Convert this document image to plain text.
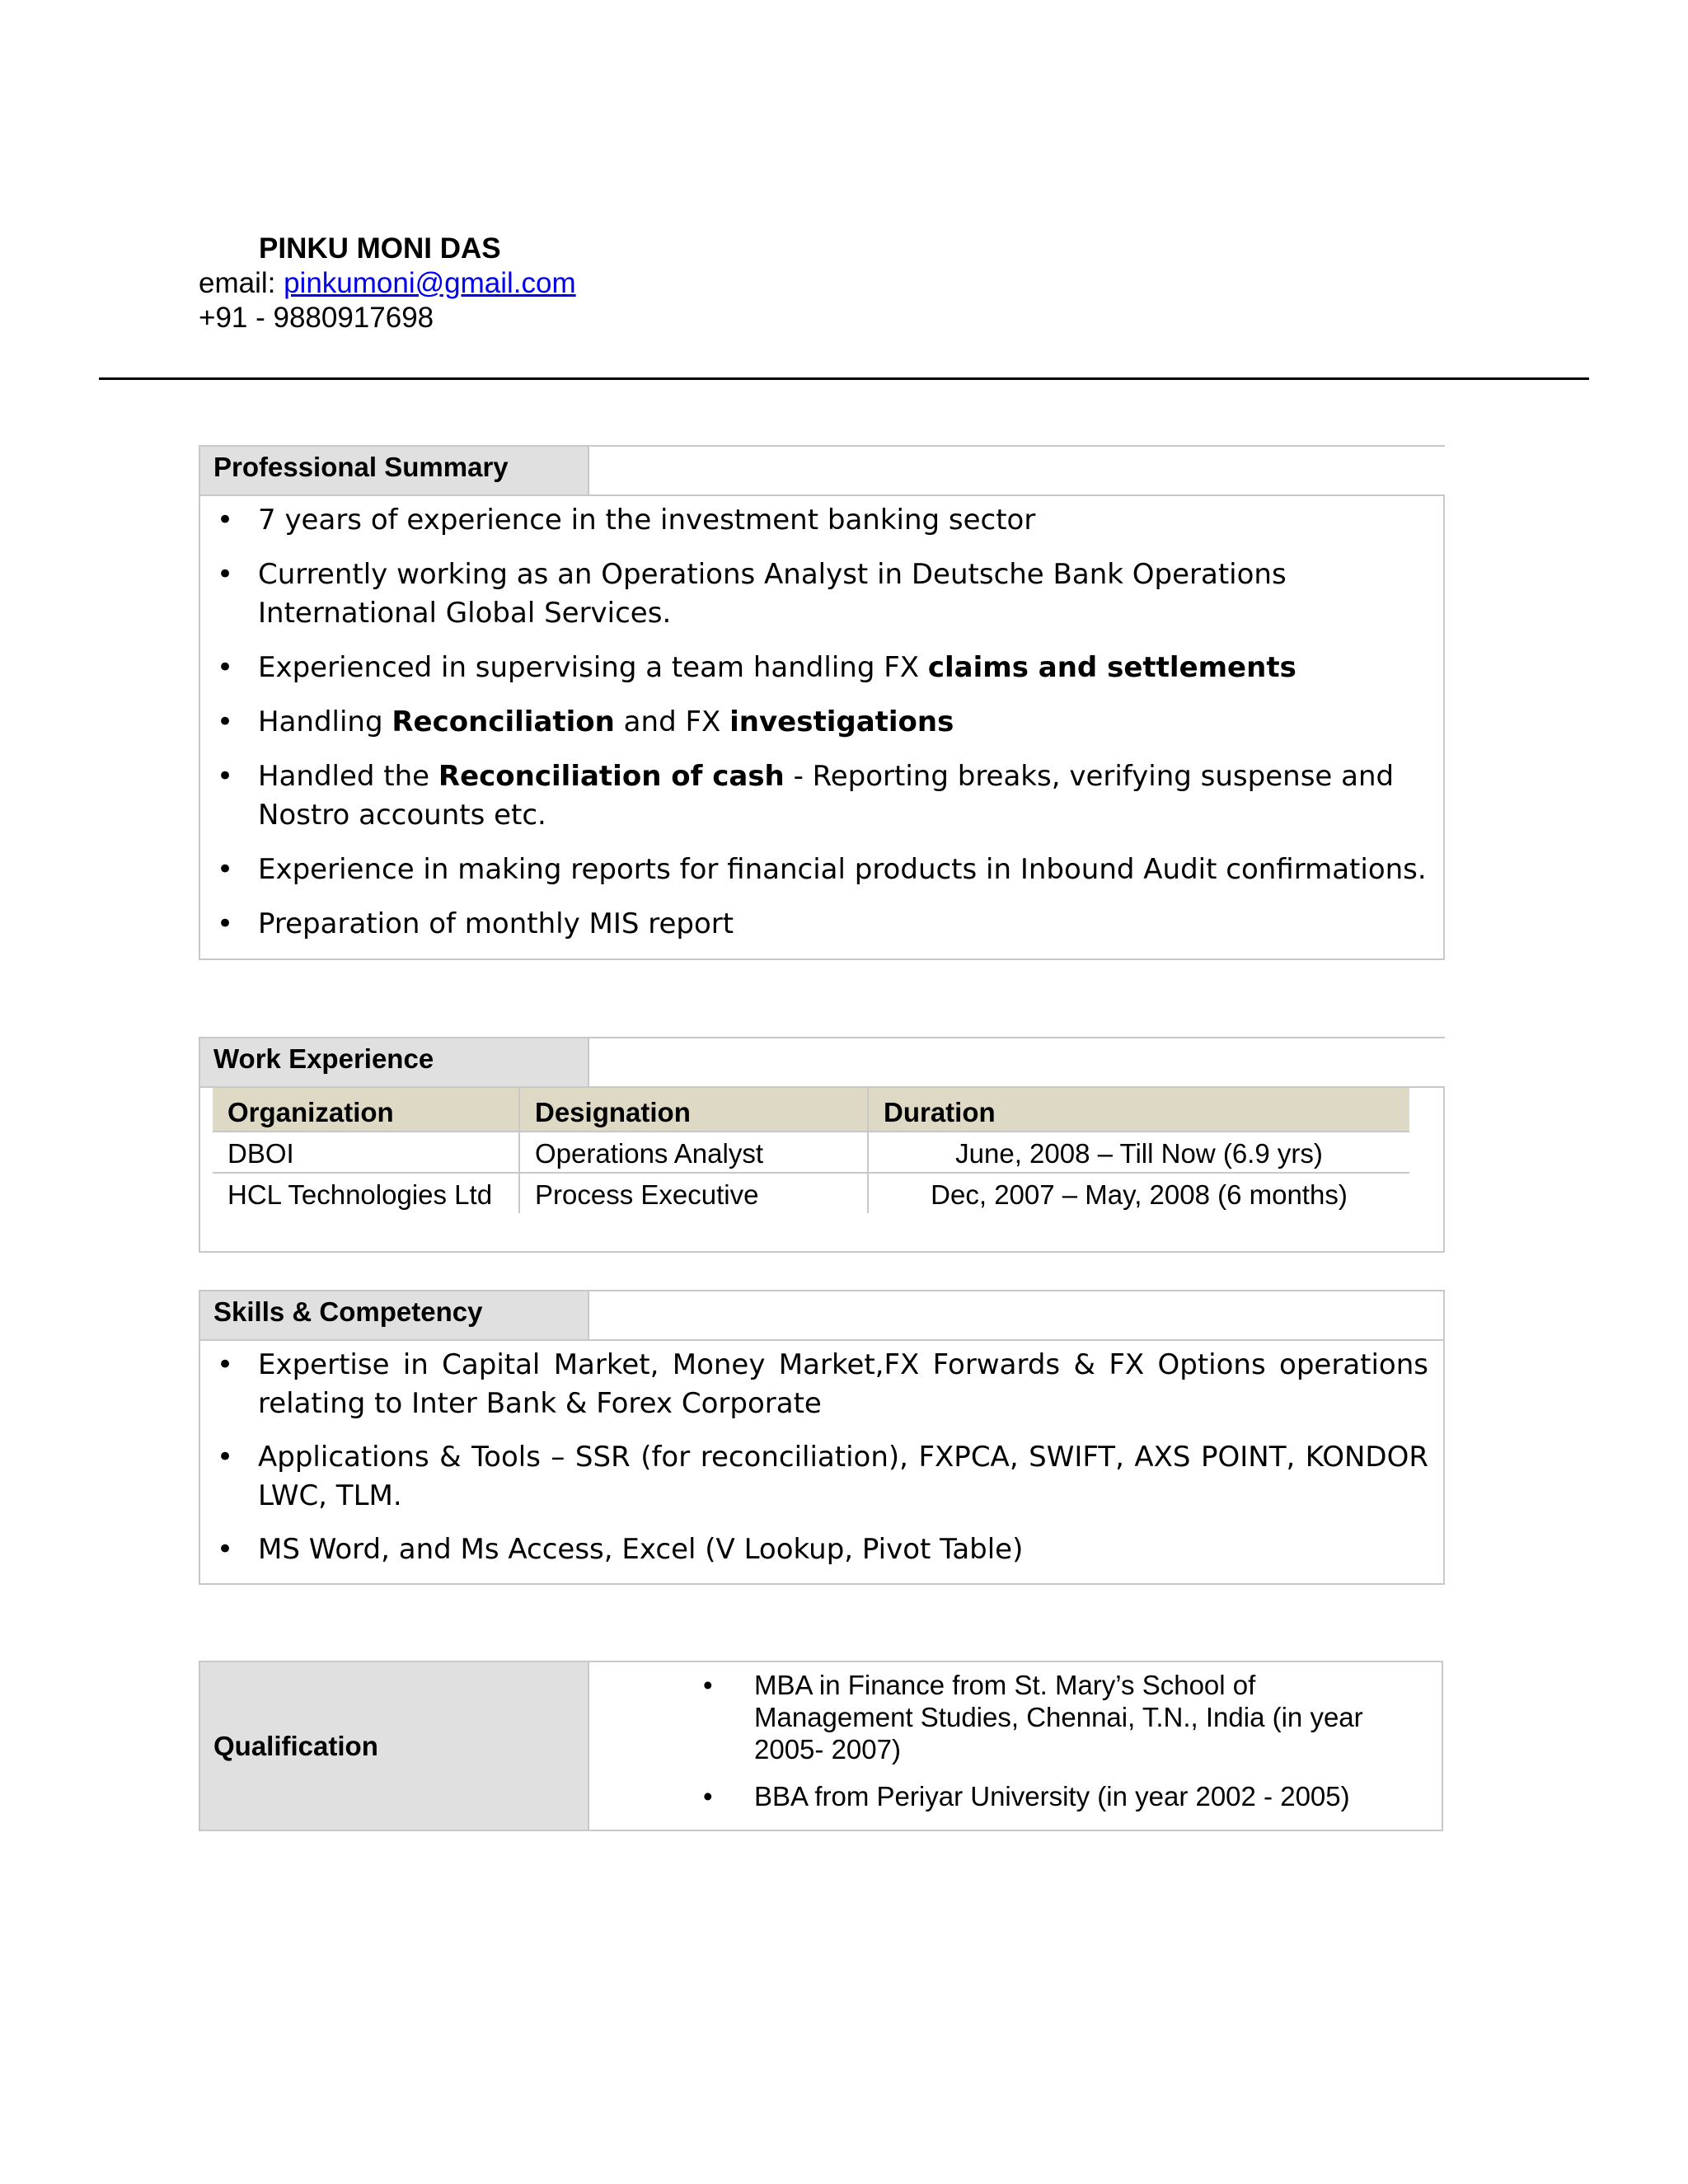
PINKU MONI DAS
email: pinkumoni@gmail.com
+91 - 9880917698
Professional Summary
• 7 years of experience in the investment banking sector
• Currently working as an Operations Analyst in Deutsche Bank Operations International Global Services.
• Experienced in supervising a team handling FX claims and settlements
• Handling Reconciliation and FX investigations
• Handled the Reconciliation of cash - Reporting breaks, verifying suspense and Nostro accounts etc.
• Experience in making reports for financial products in Inbound Audit confirmations.
• Preparation of monthly MIS report
Work Experience
Organization	Designation	Duration
DBOI	Operations Analyst	June, 2008 – Till Now (6.9 yrs)
HCL Technologies Ltd	Process Executive	Dec, 2007 – May, 2008 (6 months)
Skills & Competency
• Expertise in Capital Market, Money Market,FX Forwards & FX Options operations relating to Inter Bank & Forex Corporate
• Applications & Tools – SSR (for reconciliation), FXPCA, SWIFT, AXS POINT, KONDOR LWC, TLM.
• MS Word, and Ms Access, Excel (V Lookup, Pivot Table)
Qualification
• MBA in Finance from St. Mary’s School of Management Studies, Chennai, T.N., India (in year 2005- 2007)
• BBA from Periyar University (in year 2002 - 2005)
